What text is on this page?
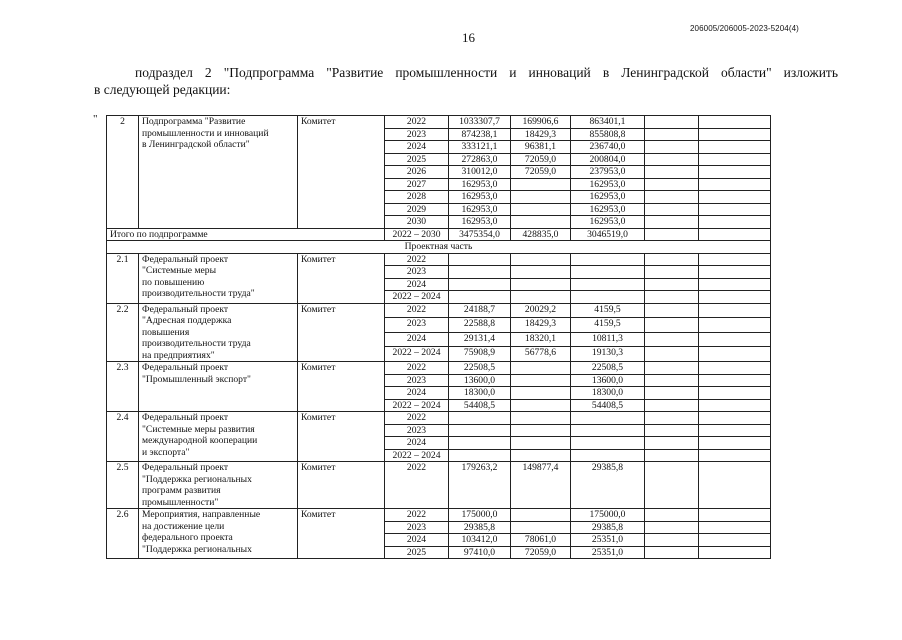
16
206005/206005-2023-5204(4)
подраздел 2 "Подпрограмма "Развитие промышленности и инноваций в Ленинградской области" изложить
в следующей редакции:
" 2	Подпрограмма "Развитие
промышленности и инноваций
в Ленинградской области"	Комитет	2022	1033307,7	169906,6	863401,1		
			2023	874238,1	18429,3	855808,8		
			2024	333121,1	96381,1	236740,0		
			2025	272863,0	72059,0	200804,0		
			2026	310012,0	72059,0	237953,0		
			2027	162953,0		162953,0		
			2028	162953,0		162953,0		
			2029	162953,0		162953,0		
			2030	162953,0		162953,0		
Итого по подпрограмме			2022 – 2030	3475354,0	428835,0	3046519,0		
Проектная часть								
2.1	Федеральный проект
"Системные меры
по повышению
производительности труда"	Комитет	2022					
			2023					
			2024					
			2022 – 2024					
2.2	Федеральный проект
"Адресная поддержка
повышения
производительности труда
на предприятиях"	Комитет	2022	24188,7	20029,2	4159,5		
			2023	22588,8	18429,3	4159,5		
			2024	29131,4	18320,1	10811,3		
			2022 – 2024	75908,9	56778,6	19130,3		
2.3	Федеральный проект
"Промышленный экспорт"	Комитет	2022	22508,5		22508,5		
			2023	13600,0		13600,0		
			2024	18300,0		18300,0		
			2022 – 2024	54408,5		54408,5		
2.4	Федеральный проект
"Системные меры развития
международной кооперации
и экспорта"	Комитет	2022					
			2023					
			2024					
			2022 – 2024					
2.5	Федеральный проект
"Поддержка региональных
программ развития
промышленности"	Комитет	2022	179263,2	149877,4	29385,8		
2.6	Мероприятия, направленные
на достижение цели
федерального проекта
"Поддержка региональных	Комитет	2022	175000,0		175000,0		
			2023	29385,8		29385,8		
			2024	103412,0	78061,0	25351,0		
			2025	97410,0	72059,0	25351,0		
